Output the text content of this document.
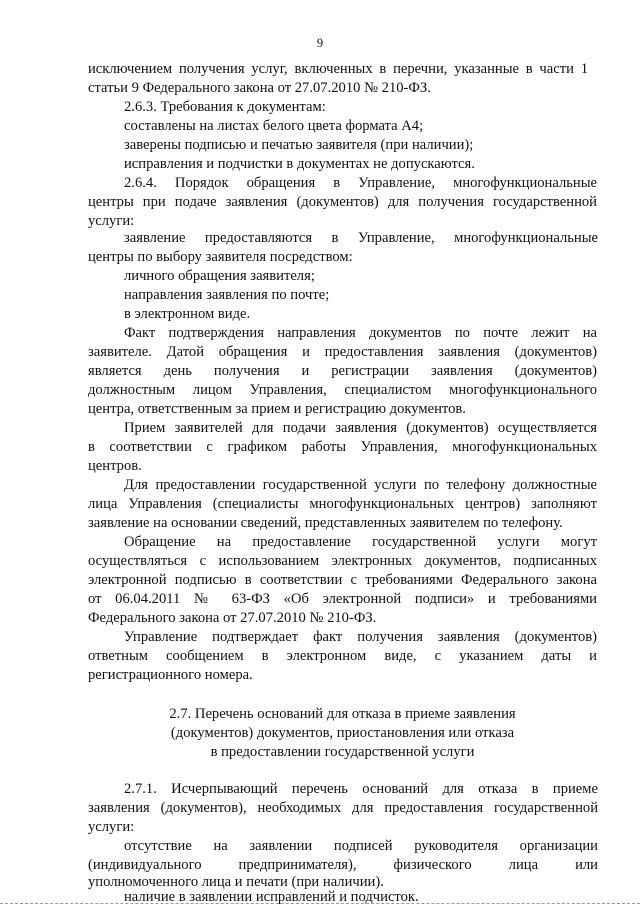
9
исключением получения услуг, включенных в перечни, указанные в части 1
статьи 9 Федерального закона от 27.07.2010 № 210-ФЗ.
2.6.3. Требования к документам:
составлены на листах белого цвета формата А4;
заверены подписью и печатью заявителя (при наличии);
исправления и подчистки в документах не допускаются.
2.6.4. Порядок обращения в Управление, многофункциональные
центры при подаче заявления (документов) для получения государственной
услуги:
заявление предоставляются в Управление, многофункциональные
центры по выбору заявителя посредством:
личного обращения заявителя;
направления заявления по почте;
в электронном виде.
Факт подтверждения направления документов по почте лежит на
заявителе. Датой обращения и предоставления заявления (документов)
является день получения и регистрации заявления (документов)
должностным лицом Управления, специалистом многофункционального
центра, ответственным за прием и регистрацию документов.
Прием заявителей для подачи заявления (документов) осуществляется
в соответствии с графиком работы Управления, многофункциональных
центров.
Для предоставлении государственной услуги по телефону должностные
лица Управления (специалисты многофункциональных центров) заполняют
заявление на основании сведений, представленных заявителем по телефону.
Обращение на предоставление государственной услуги могут
осуществляться с использованием электронных документов, подписанных
электронной подписью в соответствии с требованиями Федерального закона
от 06.04.2011 № 63-ФЗ «Об электронной подписи» и требованиями
Федерального закона от 27.07.2010 № 210-ФЗ.
Управление подтверждает факт получения заявления (документов)
ответным сообщением в электронном виде, с указанием даты и
регистрационного номера.
2.7. Перечень оснований для отказа в приеме заявления
(документов) документов, приостановления или отказа
в предоставлении государственной услуги
2.7.1. Исчерпывающий перечень оснований для отказа в приеме
заявления (документов), необходимых для предоставления государственной
услуги:
отсутствие на заявлении подписей руководителя организации
(индивидуального предпринимателя), физического лица или
уполномоченного лица и печати (при наличии).
наличие в заявлении исправлений и подчисток.
